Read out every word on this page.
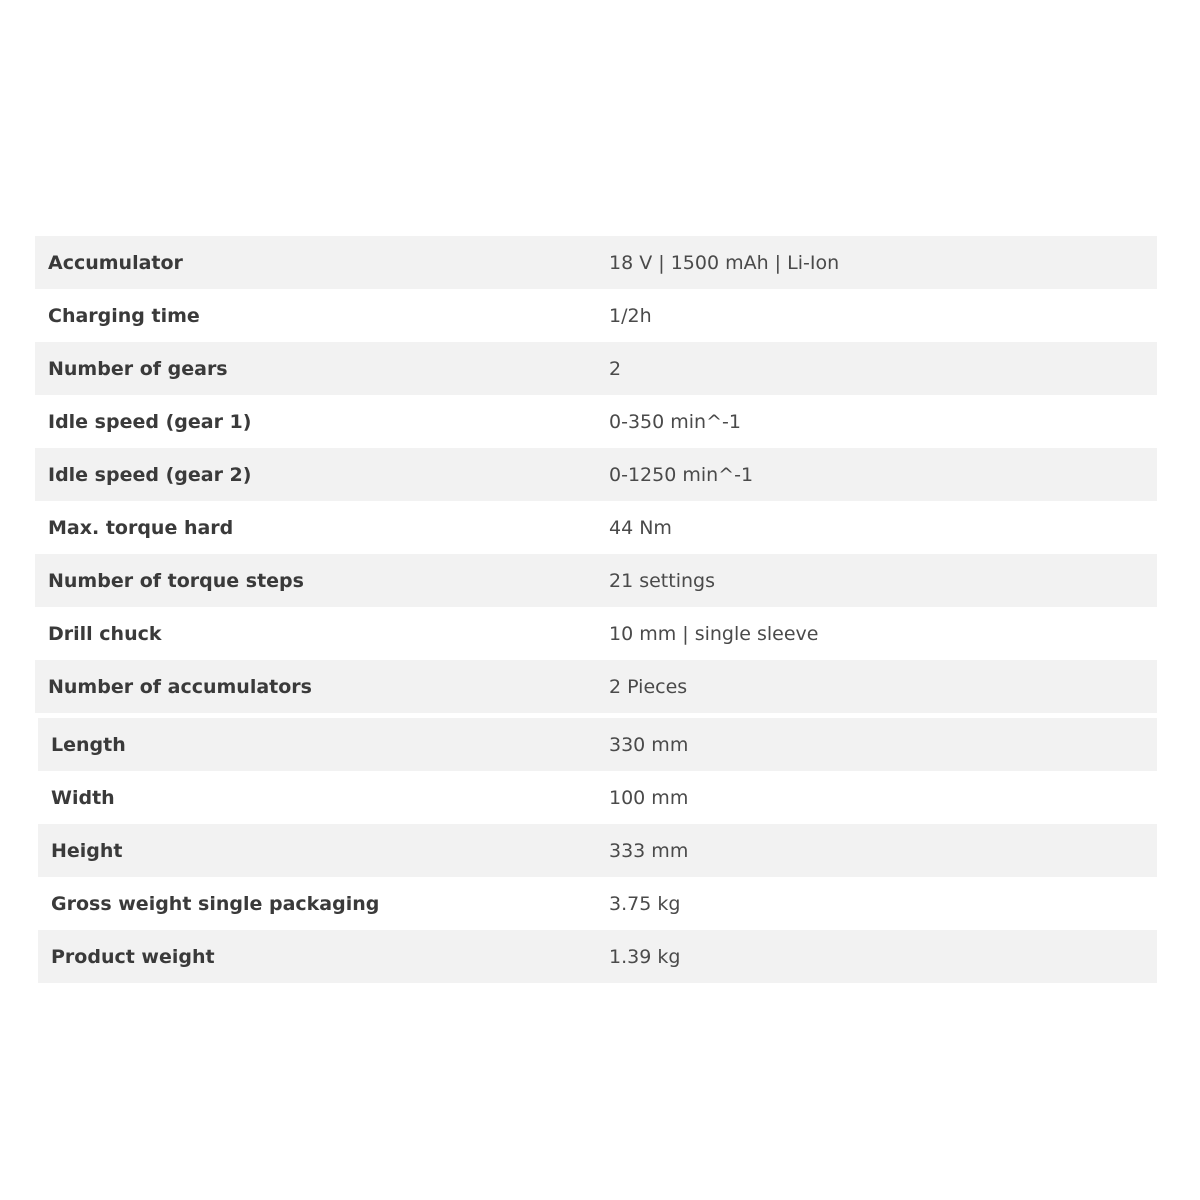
Accumulator	18 V | 1500 mAh | Li-Ion
Charging time	1/2h
Number of gears	2
Idle speed (gear 1)	0-350 min^-1
Idle speed (gear 2)	0-1250 min^-1
Max. torque hard	44 Nm
Number of torque steps	21 settings
Drill chuck	10 mm | single sleeve
Number of accumulators	2 Pieces
Length	330 mm
Width	100 mm
Height	333 mm
Gross weight single packaging	3.75 kg
Product weight	1.39 kg
